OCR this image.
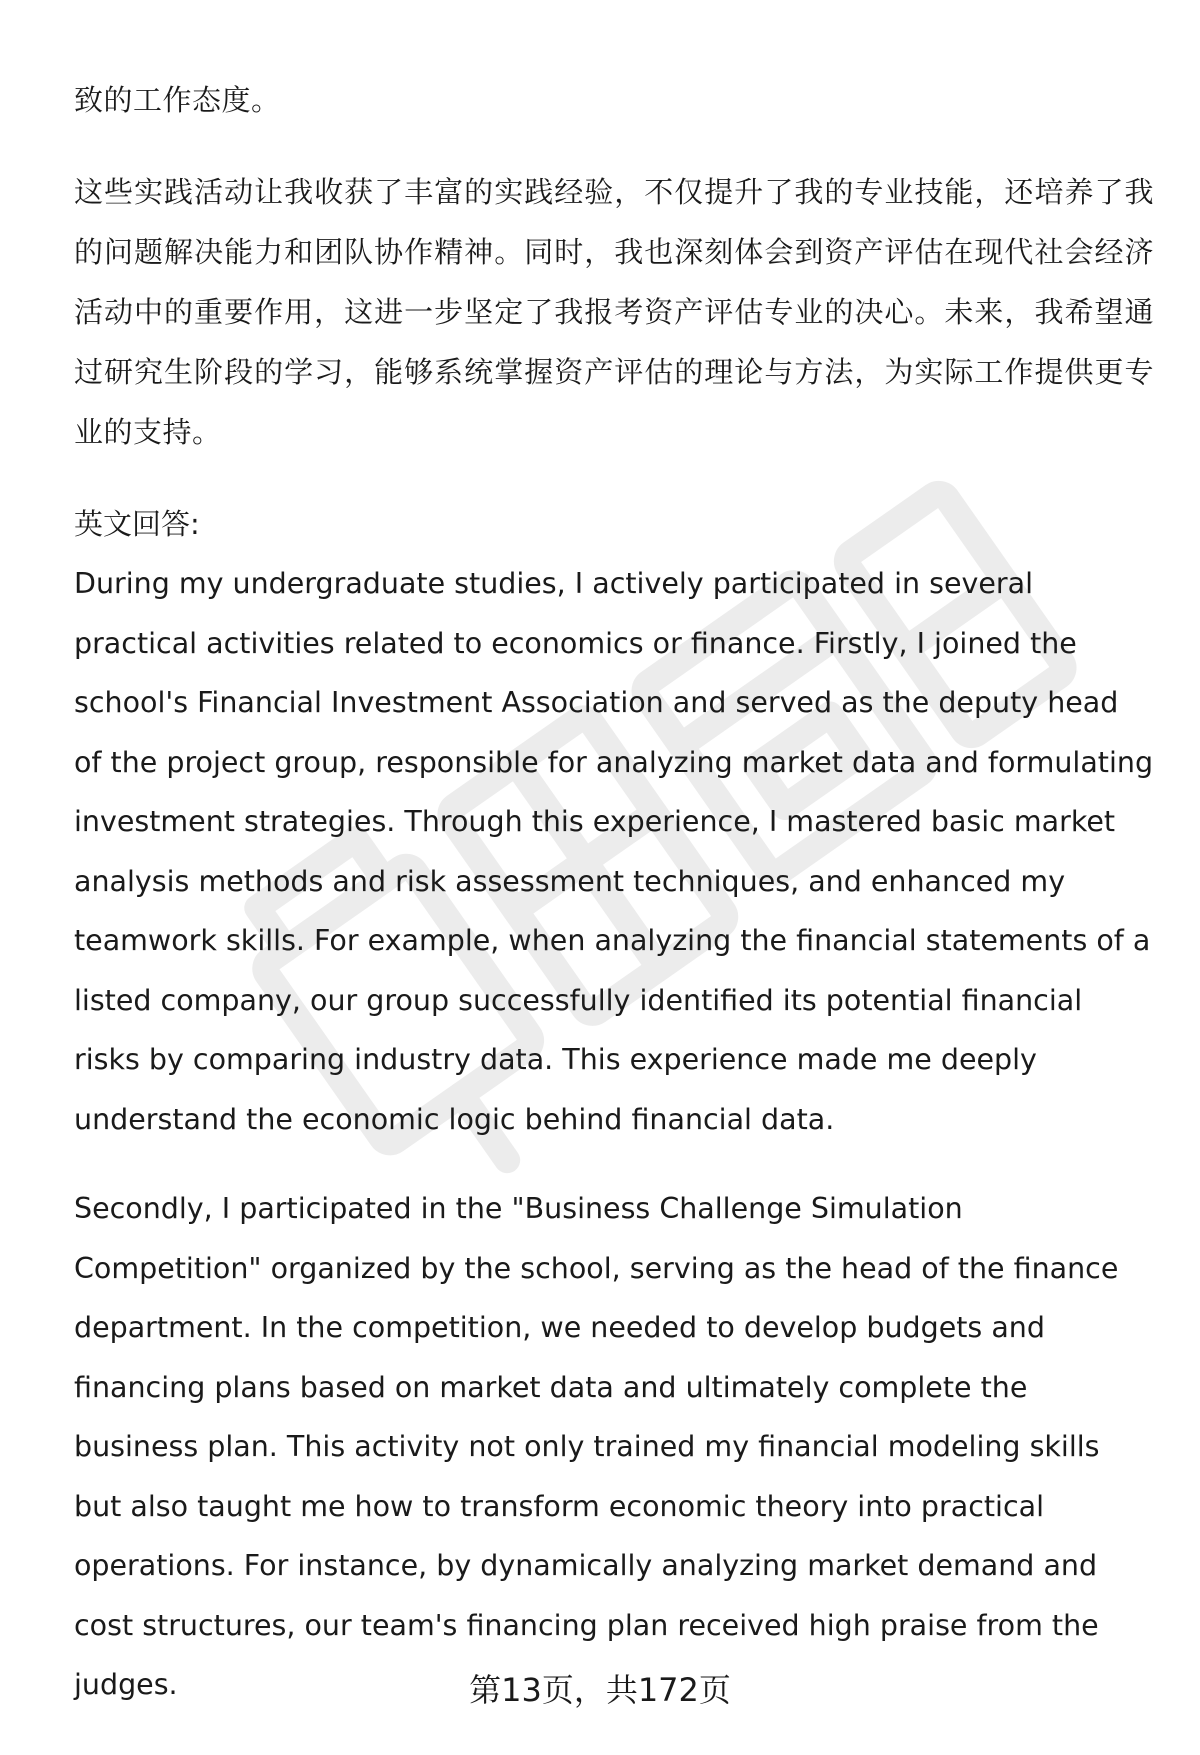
致的工作态度。

这些实践活动让我收获了丰富的实践经验，不仅提升了我的专业技能，还培养了我的问题解决能力和团队协作精神。同时，我也深刻体会到资产评估在现代社会经济活动中的重要作用，这进一步坚定了我报考资产评估专业的决心。未来，我希望通过研究生阶段的学习，能够系统掌握资产评估的理论与方法，为实际工作提供更专业的支持。

英文回答:

During my undergraduate studies, I actively participated in several practical activities related to economics or finance. Firstly, I joined the school's Financial Investment Association and served as the deputy head of the project group, responsible for analyzing market data and formulating investment strategies. Through this experience, I mastered basic market analysis methods and risk assessment techniques, and enhanced my teamwork skills. For example, when analyzing the financial statements of a listed company, our group successfully identified its potential financial risks by comparing industry data. This experience made me deeply understand the economic logic behind financial data.

Secondly, I participated in the "Business Challenge Simulation Competition" organized by the school, serving as the head of the finance department. In the competition, we needed to develop budgets and financing plans based on market data and ultimately complete the business plan. This activity not only trained my financial modeling skills but also taught me how to transform economic theory into practical operations. For instance, by dynamically analyzing market demand and cost structures, our team's financing plan received high praise from the judges.	第13页，共172页
